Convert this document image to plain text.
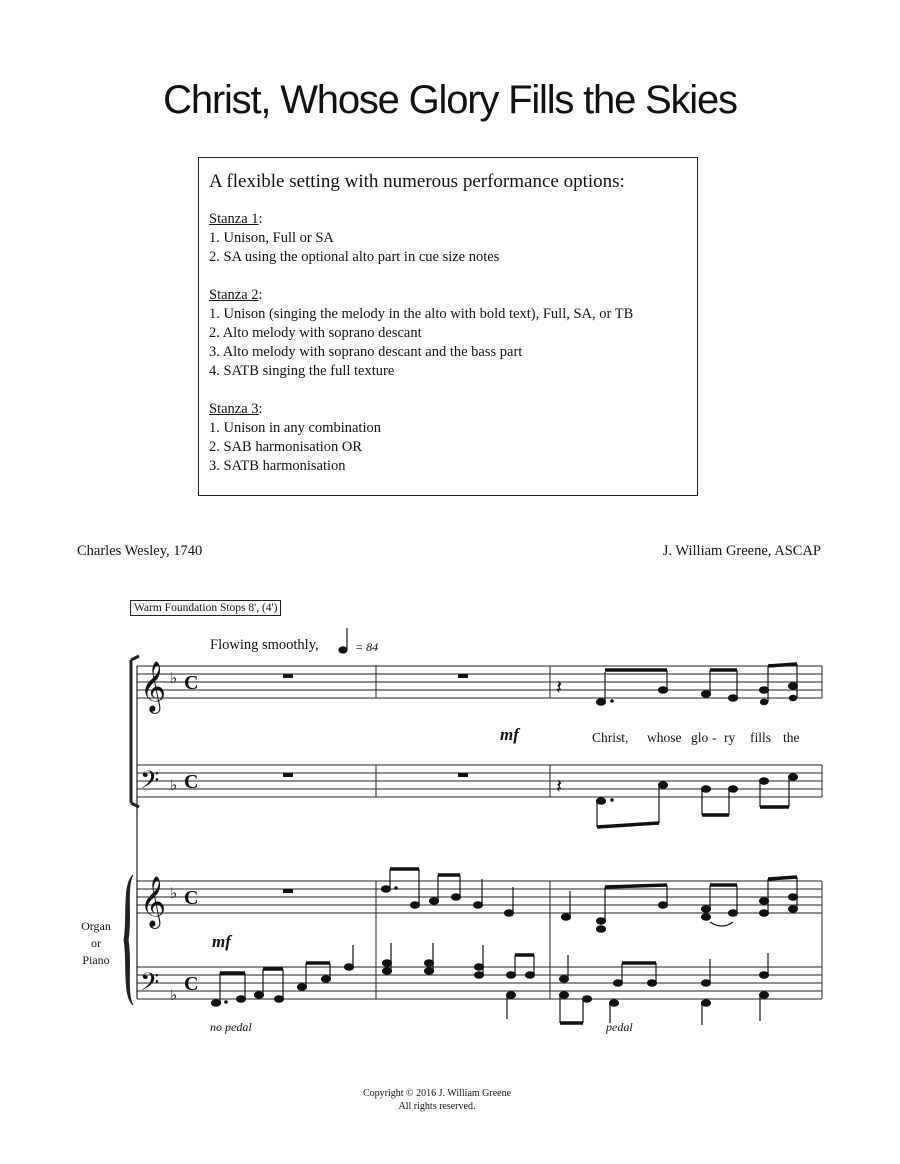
Christ, Whose Glory Fills the Skies
A flexible setting with numerous performance options:
Stanza 1:
1. Unison, Full or SA
2. SA using the optional alto part in cue size notes
Stanza 2:
1. Unison (singing the melody in the alto with bold text), Full, SA, or TB
2. Alto melody with soprano descant
3. Alto melody with soprano descant and the bass part
4. SATB singing the full texture
Stanza 3:
1. Unison in any combination
2. SAB harmonisation OR
3. SATB harmonisation
Charles Wesley, 1740	J. William Greene, ASCAP
Warm Foundation Stops 8', (4')
Flowing smoothly,	= 84
mf
mf
Christ, whose glo - ry fills the
Organ
or
Piano
no pedal	pedal
𝄞
𝄢
𝄞
𝄢
♭
♭
♭
♭
C
C
C
C
𝄽
𝄽
Copyright © 2016 J. William Greene
All rights reserved.
